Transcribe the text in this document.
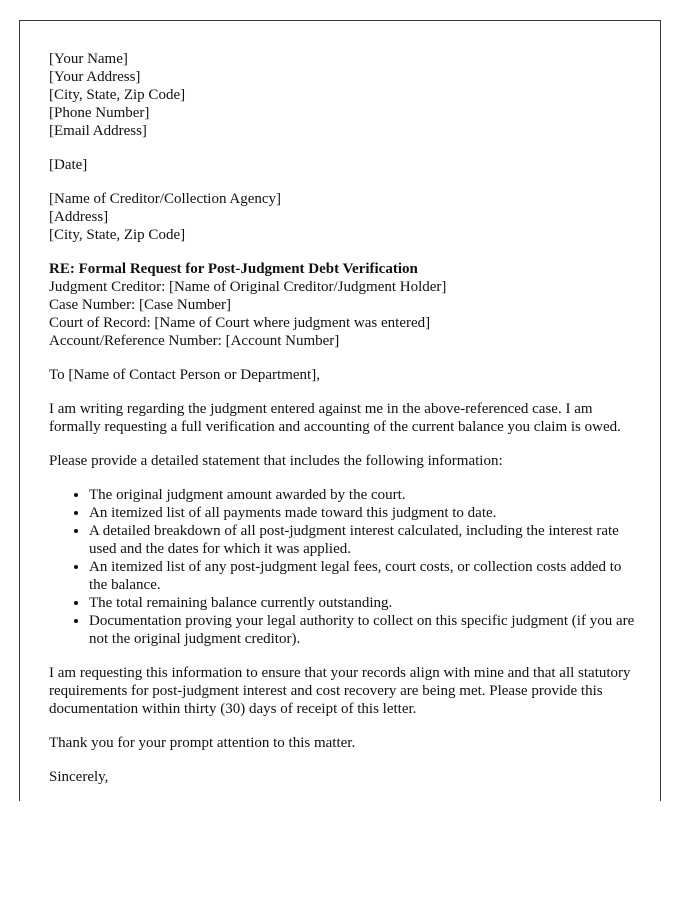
[Your Name]
[Your Address]
[City, State, Zip Code]
[Phone Number]
[Email Address]
[Date]
[Name of Creditor/Collection Agency]
[Address]
[City, State, Zip Code]
RE: Formal Request for Post-Judgment Debt Verification
Judgment Creditor: [Name of Original Creditor/Judgment Holder]
Case Number: [Case Number]
Court of Record: [Name of Court where judgment was entered]
Account/Reference Number: [Account Number]

To [Name of Contact Person or Department],

I am writing regarding the judgment entered against me in the above-referenced case. I am formally requesting a full verification and accounting of the current balance you claim is owed.

Please provide a detailed statement that includes the following information:

• The original judgment amount awarded by the court.
• An itemized list of all payments made toward this judgment to date.
• A detailed breakdown of all post-judgment interest calculated, including the interest rate used and the dates for which it was applied.
• An itemized list of any post-judgment legal fees, court costs, or collection costs added to the balance.
• The total remaining balance currently outstanding.
• Documentation proving your legal authority to collect on this specific judgment (if you are not the original judgment creditor).

I am requesting this information to ensure that your records align with mine and that all statutory requirements for post-judgment interest and cost recovery are being met. Please provide this documentation within thirty (30) days of receipt of this letter.

Thank you for your prompt attention to this matter.

Sincerely,
